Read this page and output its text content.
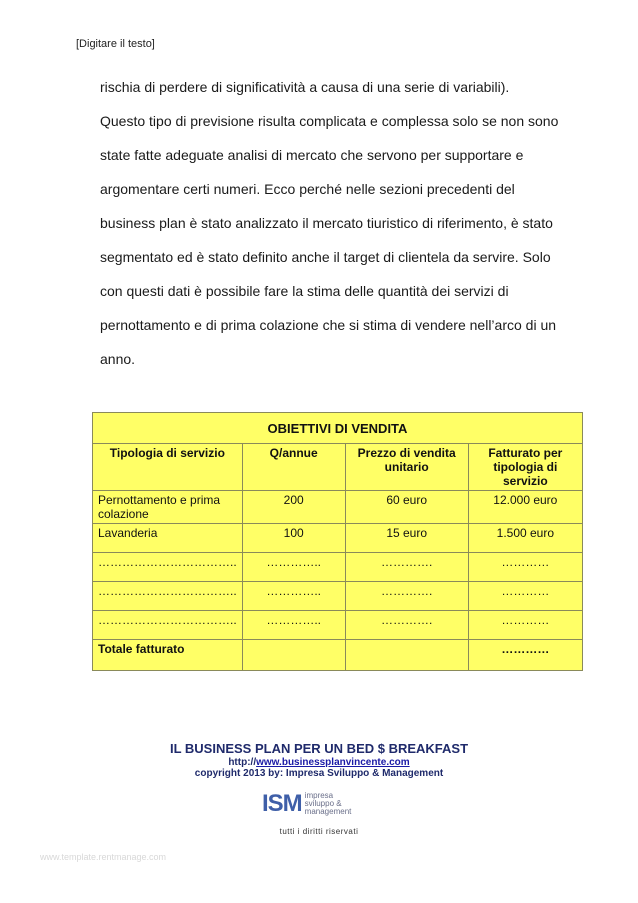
[Digitare il testo]

rischia di perdere di significatività a causa di una serie di variabili).

Questo tipo di previsione risulta complicata e complessa solo se non sono state fatte adeguate analisi di mercato che servono per supportare e argomentare certi numeri. Ecco perché nelle sezioni precedenti del business plan è stato analizzato il mercato tiuristico di riferimento, è stato segmentato ed è stato definito anche il target di clientela da servire. Solo con questi dati è possibile fare la stima delle quantità dei servizi di pernottamento e di prima colazione che si stima di vendere nell’arco di un anno.

OBIETTIVI DI VENDITA			
Tipologia di servizio	Q/annue	Prezzo di vendita unitario	Fatturato per tipologia di servizio
Pernottamento e prima colazione	200	60 euro	12.000 euro
Lavanderia	100	15 euro	1.500 euro
……………………………..	…………..	………….	…………
……………………………..	…………..	………….	…………
……………………………..	…………..	………….	…………
Totale fatturato			…………
IL BUSINESS PLAN PER UN BED $ BREAKFAST
http://www.businessplanvincente.com
copyright 2013 by: Impresa Sviluppo & Management
ISM impresa
sviluppo &
management
tutti i diritti riservati
www.template.rentmanage.com
